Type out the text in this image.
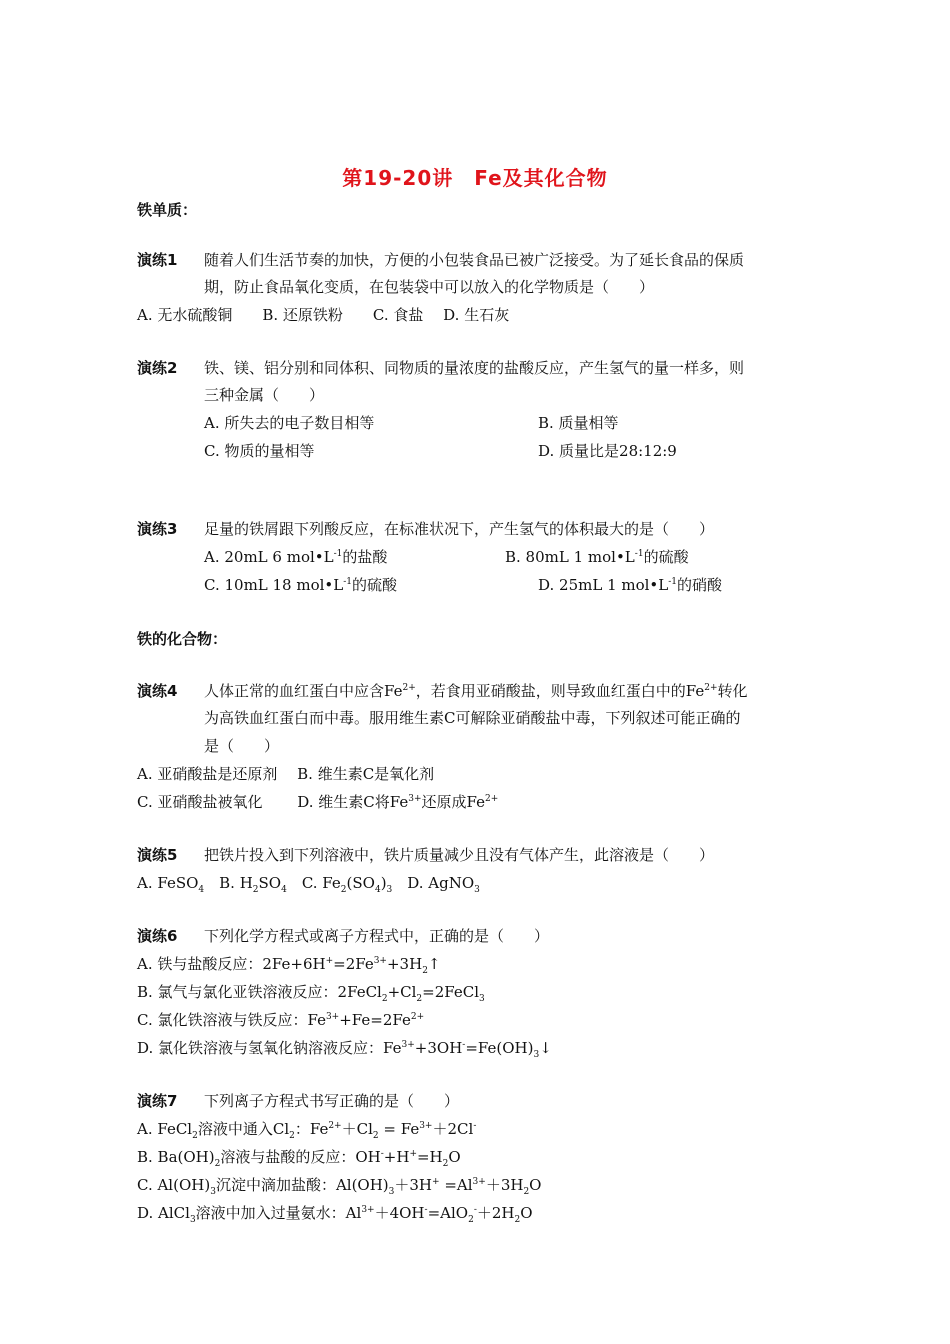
第19-20讲　Fe及其化合物
铁单质：
演练1 随着人们生活节奏的加快，方便的小包装食品已被广泛接受。为了延长食品的保质
期，防止食品氧化变质，在包装袋中可以放入的化学物质是（　　）
A. 无水硫酸铜　　B. 还原铁粉　　C. 食盐　 D. 生石灰
演练2 铁、镁、铝分别和同体积、同物质的量浓度的盐酸反应，产生氢气的量一样多，则
三种金属（　　）
A. 所失去的电子数目相等	B. 质量相等
C. 物质的量相等	D. 质量比是28:12:9
演练3 足量的铁屑跟下列酸反应，在标准状况下，产生氢气的体积最大的是（　　）
A. 20mL 6 $mol•L^{-1}$的盐酸	B. 80mL 1 $mol•L^{-1}$的硫酸
C. 10mL 18 $mol•L^{-1}$的硫酸	D. 25mL 1 $mol•L^{-1}$的硝酸
铁的化合物：
演练4 人体正常的血红蛋白中应含$Fe^{2+}$，若食用亚硝酸盐，则导致血红蛋白中的$Fe^{2+}$转化
为高铁血红蛋白而中毒。服用维生素C可解除亚硝酸盐中毒，下列叙述可能正确的
是（　　）
A. 亚硝酸盐是还原剂　 B. 维生素C是氧化剂
C. 亚硝酸盐被氧化　　 D. 维生素C将$Fe^{3+}$还原成$Fe^{2+}$
演练5 把铁片投入到下列溶液中，铁片质量减少且没有气体产生，此溶液是（　　）
A. FeSO$_4$　B. $H_2SO_4$　C. $Fe_2(SO_4)_3$　D. AgNO$_3$
演练6 下列化学方程式或离子方程式中，正确的是（　　）
A. 铁与盐酸反应：$2Fe+6H^+=2Fe^{3+}+3H_2↑$
B. 氯气与氯化亚铁溶液反应：$2FeCl_2+Cl_2=2FeCl_3$
C. 氯化铁溶液与铁反应：$Fe^{3+}+Fe=2Fe^{2+}$
D. 氯化铁溶液与氢氧化钠溶液反应：$Fe^{3+}+3OH^-=Fe(OH)_3↓$
演练7 下列离子方程式书写正确的是（　　）
A. FeCl$_2$溶液中通入$Cl_2$：$Fe^{2+}+Cl_2 = Fe^{3+}+2Cl^-$
B. $Ba(OH)_2$溶液与盐酸的反应：$OH^-+H^+=H_2O$
C. $Al(OH)_3$沉淀中滴加盐酸：$Al(OH)_3+3H^+ =Al^{3+}+3H_2O$
D. AlCl$_3$溶液中加入过量氨水：$Al^{3+}+4OH^-=AlO_2^-+2H_2O$
